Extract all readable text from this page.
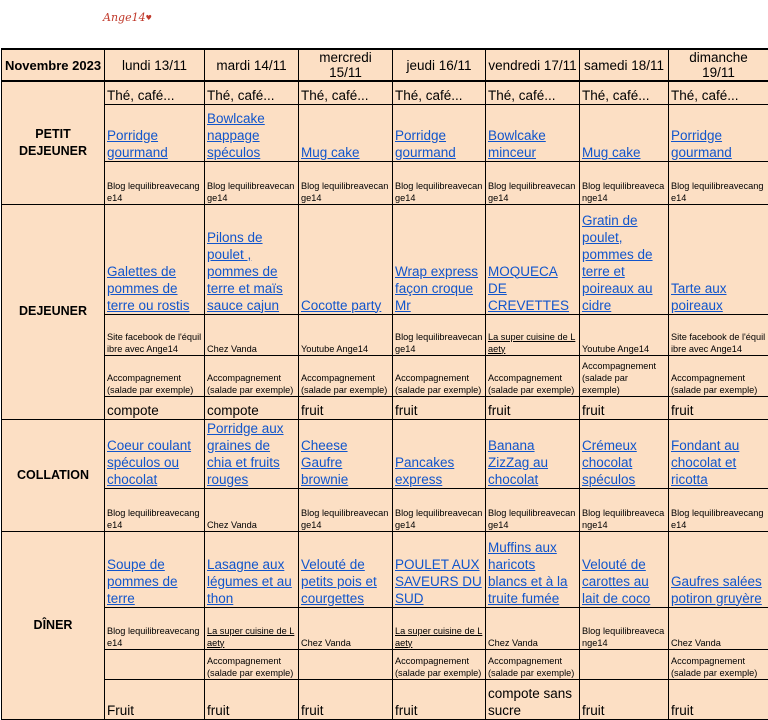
Ange14♥
Novembre 2023	lundi 13/11	mardi 14/11	mercredi 15/11	jeudi 16/11	vendredi 17/11	samedi 18/11	dimanche 19/11
PETIT DEJEUNER	Thé, café...	Thé, café...	Thé, café...	Thé, café...	Thé, café...	Thé, café...	Thé, café...

	Porridge gourmand	Bowlcake nappage spéculos	Mug cake	Porridge gourmand	Bowlcake minceur	Mug cake	Porridge gourmand

	Blog lequilibreavecange14	Blog lequilibreavecange14	Blog lequilibreavecange14	Blog lequilibreavecange14	Blog lequilibreavecange14	Blog lequilibreavecange14	Blog lequilibreavecange14

DEJEUNER	Galettes de pommes de terre ou rostis	Pilons de poulet , pommes de terre et maïs sauce cajun	Cocotte party	Wrap express façon croque Mr	MOQUECA DE CREVETTES	Gratin de poulet, pommes de terre et poireaux au cidre	Tarte aux poireaux

	Site facebook de l'équilibre avec Ange14	Chez Vanda	Youtube Ange14	Blog lequilibreavecange14	La super cuisine de Laety	Youtube Ange14	Site facebook de l'équilibre avec Ange14

	Accompagnement (salade par exemple)	Accompagnement (salade par exemple)	Accompagnement (salade par exemple)	Accompagnement (salade par exemple)	Accompagnement (salade par exemple)	Accompagnement (salade par exemple)	Accompagnement (salade par exemple)

	compote	compote	fruit	fruit	fruit	fruit	fruit

COLLATION	Coeur coulant spéculos ou chocolat	Porridge aux graines de chia et fruits rouges	Cheese Gaufre brownie	Pancakes express	Banana ZizZag au chocolat	Crémeux chocolat spéculos	Fondant au chocolat et ricotta

	Blog lequilibreavecange14	Chez Vanda	Blog lequilibreavecange14	Blog lequilibreavecange14	Blog lequilibreavecange14	Blog lequilibreavecange14	Blog lequilibreavecange14

DÎNER	Soupe de pommes de terre	Lasagne aux légumes et au thon	Velouté de petits pois et courgettes	POULET AUX SAVEURS DU SUD	Muffins aux haricots blancs et à la truite fumée	Velouté de carottes au lait de coco	Gaufres salées potiron gruyère

	Blog lequilibreavecange14	La super cuisine de Laety	Chez Vanda	La super cuisine de Laety	Chez Vanda	Blog lequilibreavecange14	Chez Vanda

		Accompagnement (salade par exemple)		Accompagnement (salade par exemple)	Accompagnement (salade par exemple)		Accompagnement (salade par exemple)

	Fruit	fruit	fruit	fruit	compote sans sucre	fruit	fruit
